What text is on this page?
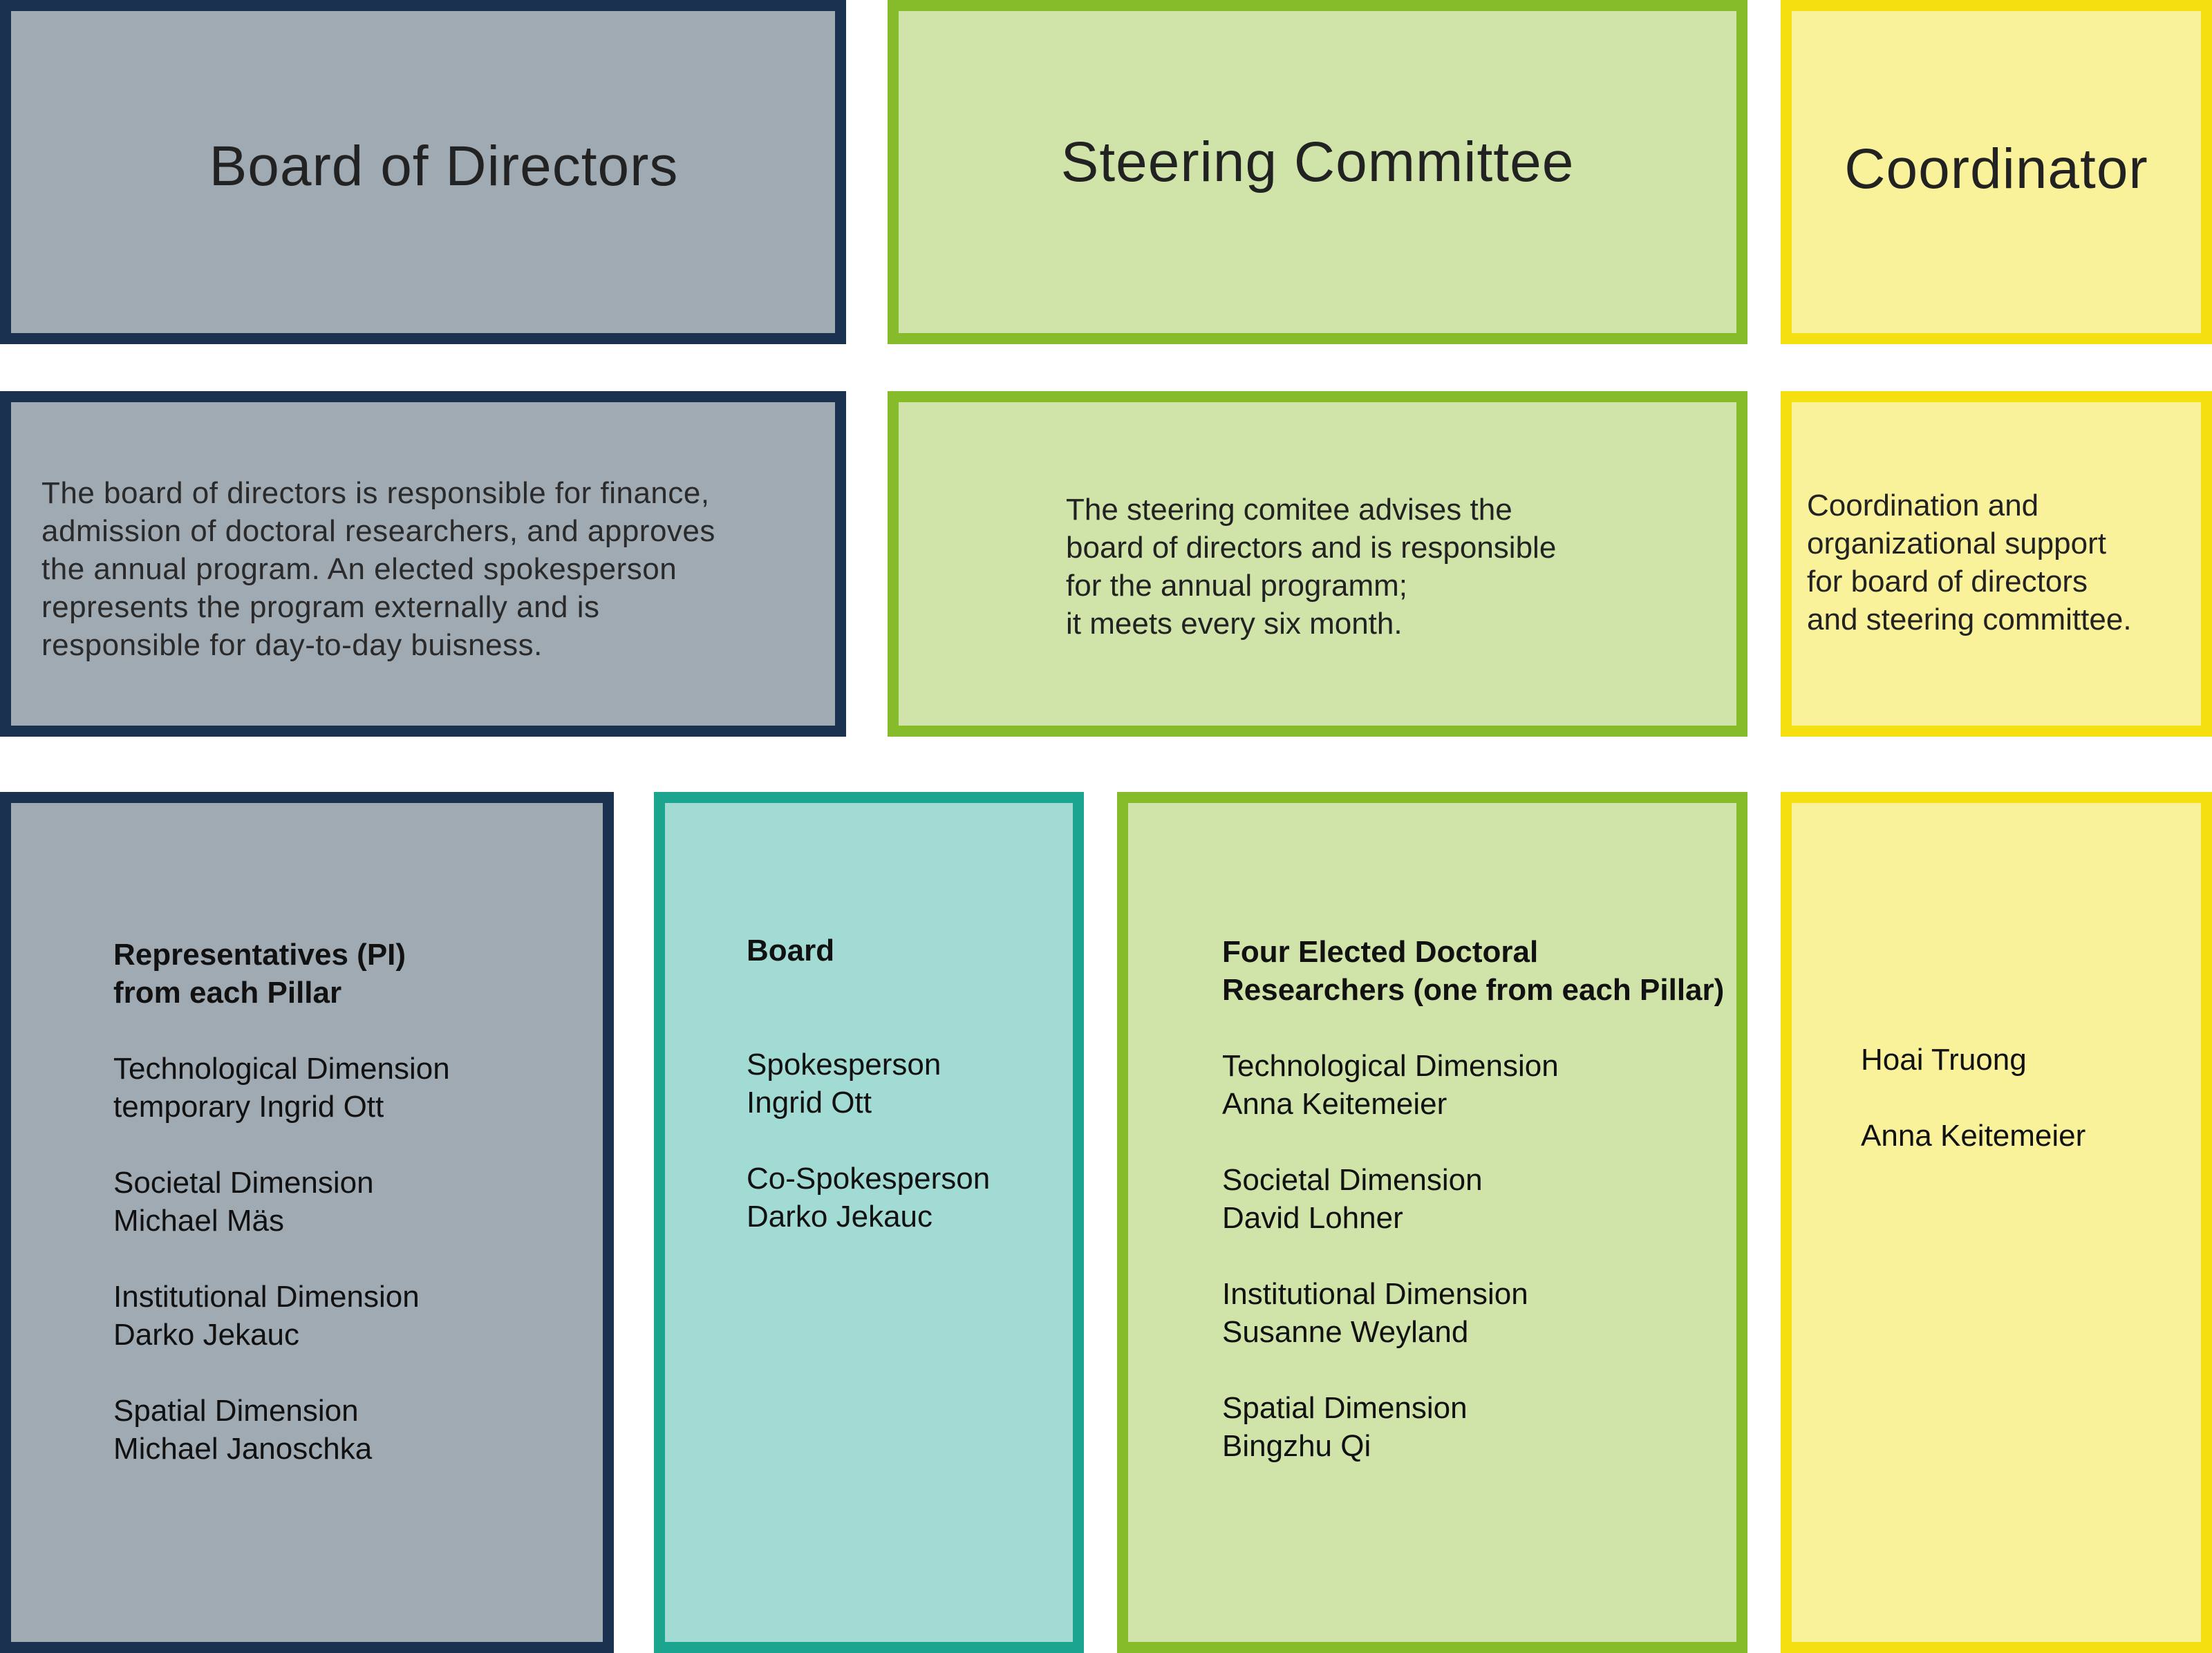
Board of Directors	Steering Committee	Coordinator
The board of directors is responsible for finance,
admission of doctoral researchers, and approves
the annual program. An elected spokesperson
represents the program externally and is
responsible for day-to-day buisness.
The steering comitee advises the
board of directors and is responsible
for the annual programm;
it meets every six month.
Coordination and
organizational support
for board of directors
and steering committee.
Representatives (PI)
from each Pillar
Technological Dimension
temporary Ingrid Ott
Societal Dimension
Michael Mäs
Institutional Dimension
Darko Jekauc
Spatial Dimension
Michael Janoschka
Board
Spokesperson
Ingrid Ott
Co-Spokesperson
Darko Jekauc
Four Elected Doctoral
Researchers (one from each Pillar)
Technological Dimension
Anna Keitemeier
Societal Dimension
David Lohner
Institutional Dimension
Susanne Weyland
Spatial Dimension
Bingzhu Qi
Hoai Truong
Anna Keitemeier
